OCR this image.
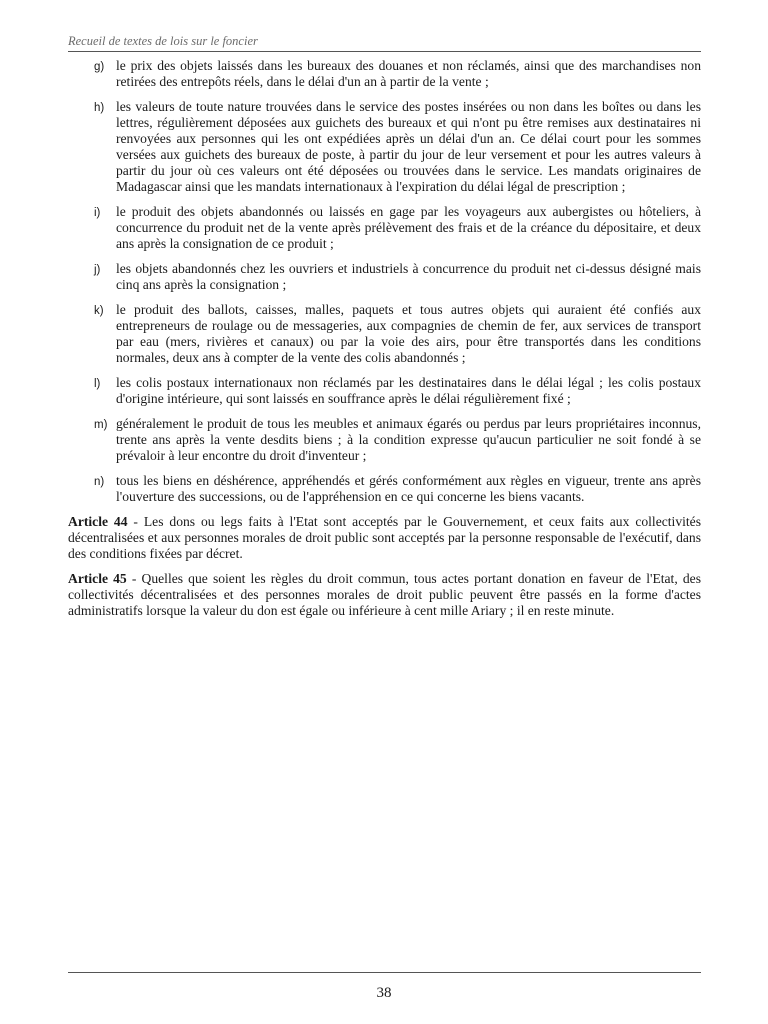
Recueil de textes de lois sur le foncier
g) le prix des objets laissés dans les bureaux des douanes et non réclamés, ainsi que des marchandises non retirées des entrepôts réels, dans le délai d'un an à partir de la vente ;
h) les valeurs de toute nature trouvées dans le service des postes insérées ou non dans les boîtes ou dans les lettres, régulièrement déposées aux guichets des bureaux et qui n'ont pu être remises aux destinataires ni renvoyées aux personnes qui les ont expédiées après un délai d'un an. Ce délai court pour les sommes versées aux guichets des bureaux de poste, à partir du jour de leur versement et pour les autres valeurs à partir du jour où ces valeurs ont été déposées ou trouvées dans le service. Les mandats originaires de Madagascar ainsi que les mandats internationaux à l'expiration du délai légal de prescription ;
i)	le produit des objets abandonnés ou laissés en gage par les voyageurs aux aubergistes ou hôteliers, à concurrence du produit net de la vente après prélèvement des frais et de la créance du dépositaire, et deux ans après la consignation de ce produit ;
j)	les objets abandonnés chez les ouvriers et industriels à concurrence du produit net ci-dessus désigné mais cinq ans après la consignation ;
k) le produit des ballots, caisses, malles, paquets et tous autres objets qui auraient été confiés aux entrepreneurs de roulage ou de messageries, aux compagnies de chemin de fer, aux services de transport par eau (mers, rivières et canaux) ou par la voie des airs, pour être transportés dans les conditions normales, deux ans à compter de la vente des colis abandonnés ;
l)	les colis postaux internationaux non réclamés par les destinataires dans le délai légal ; les colis postaux d'origine intérieure, qui sont laissés en souffrance après le délai régulièrement fixé ;
m) généralement le produit de tous les meubles et animaux égarés ou perdus par leurs propriétaires inconnus, trente ans après la vente desdits biens ; à la condition expresse qu'aucun particulier ne soit fondé à se prévaloir à leur encontre du droit d'inventeur ;
n) tous les biens en déshérence, appréhendés et gérés conformément aux règles en vigueur, trente ans après l'ouverture des successions, ou de l'appréhension en ce qui concerne les biens vacants.

Article 44 - Les dons ou legs faits à l'Etat sont acceptés par le Gouvernement, et ceux faits aux collectivités décentralisées et aux personnes morales de droit public sont acceptés par la personne responsable de l'exécutif, dans des conditions fixées par décret.

Article 45 - Quelles que soient les règles du droit commun, tous actes portant donation en faveur de l'Etat, des collectivités décentralisées et des personnes morales de droit public peuvent être passés en la forme d'actes administratifs lorsque la valeur du don est égale ou inférieure à cent mille Ariary ; il en reste minute.

38
